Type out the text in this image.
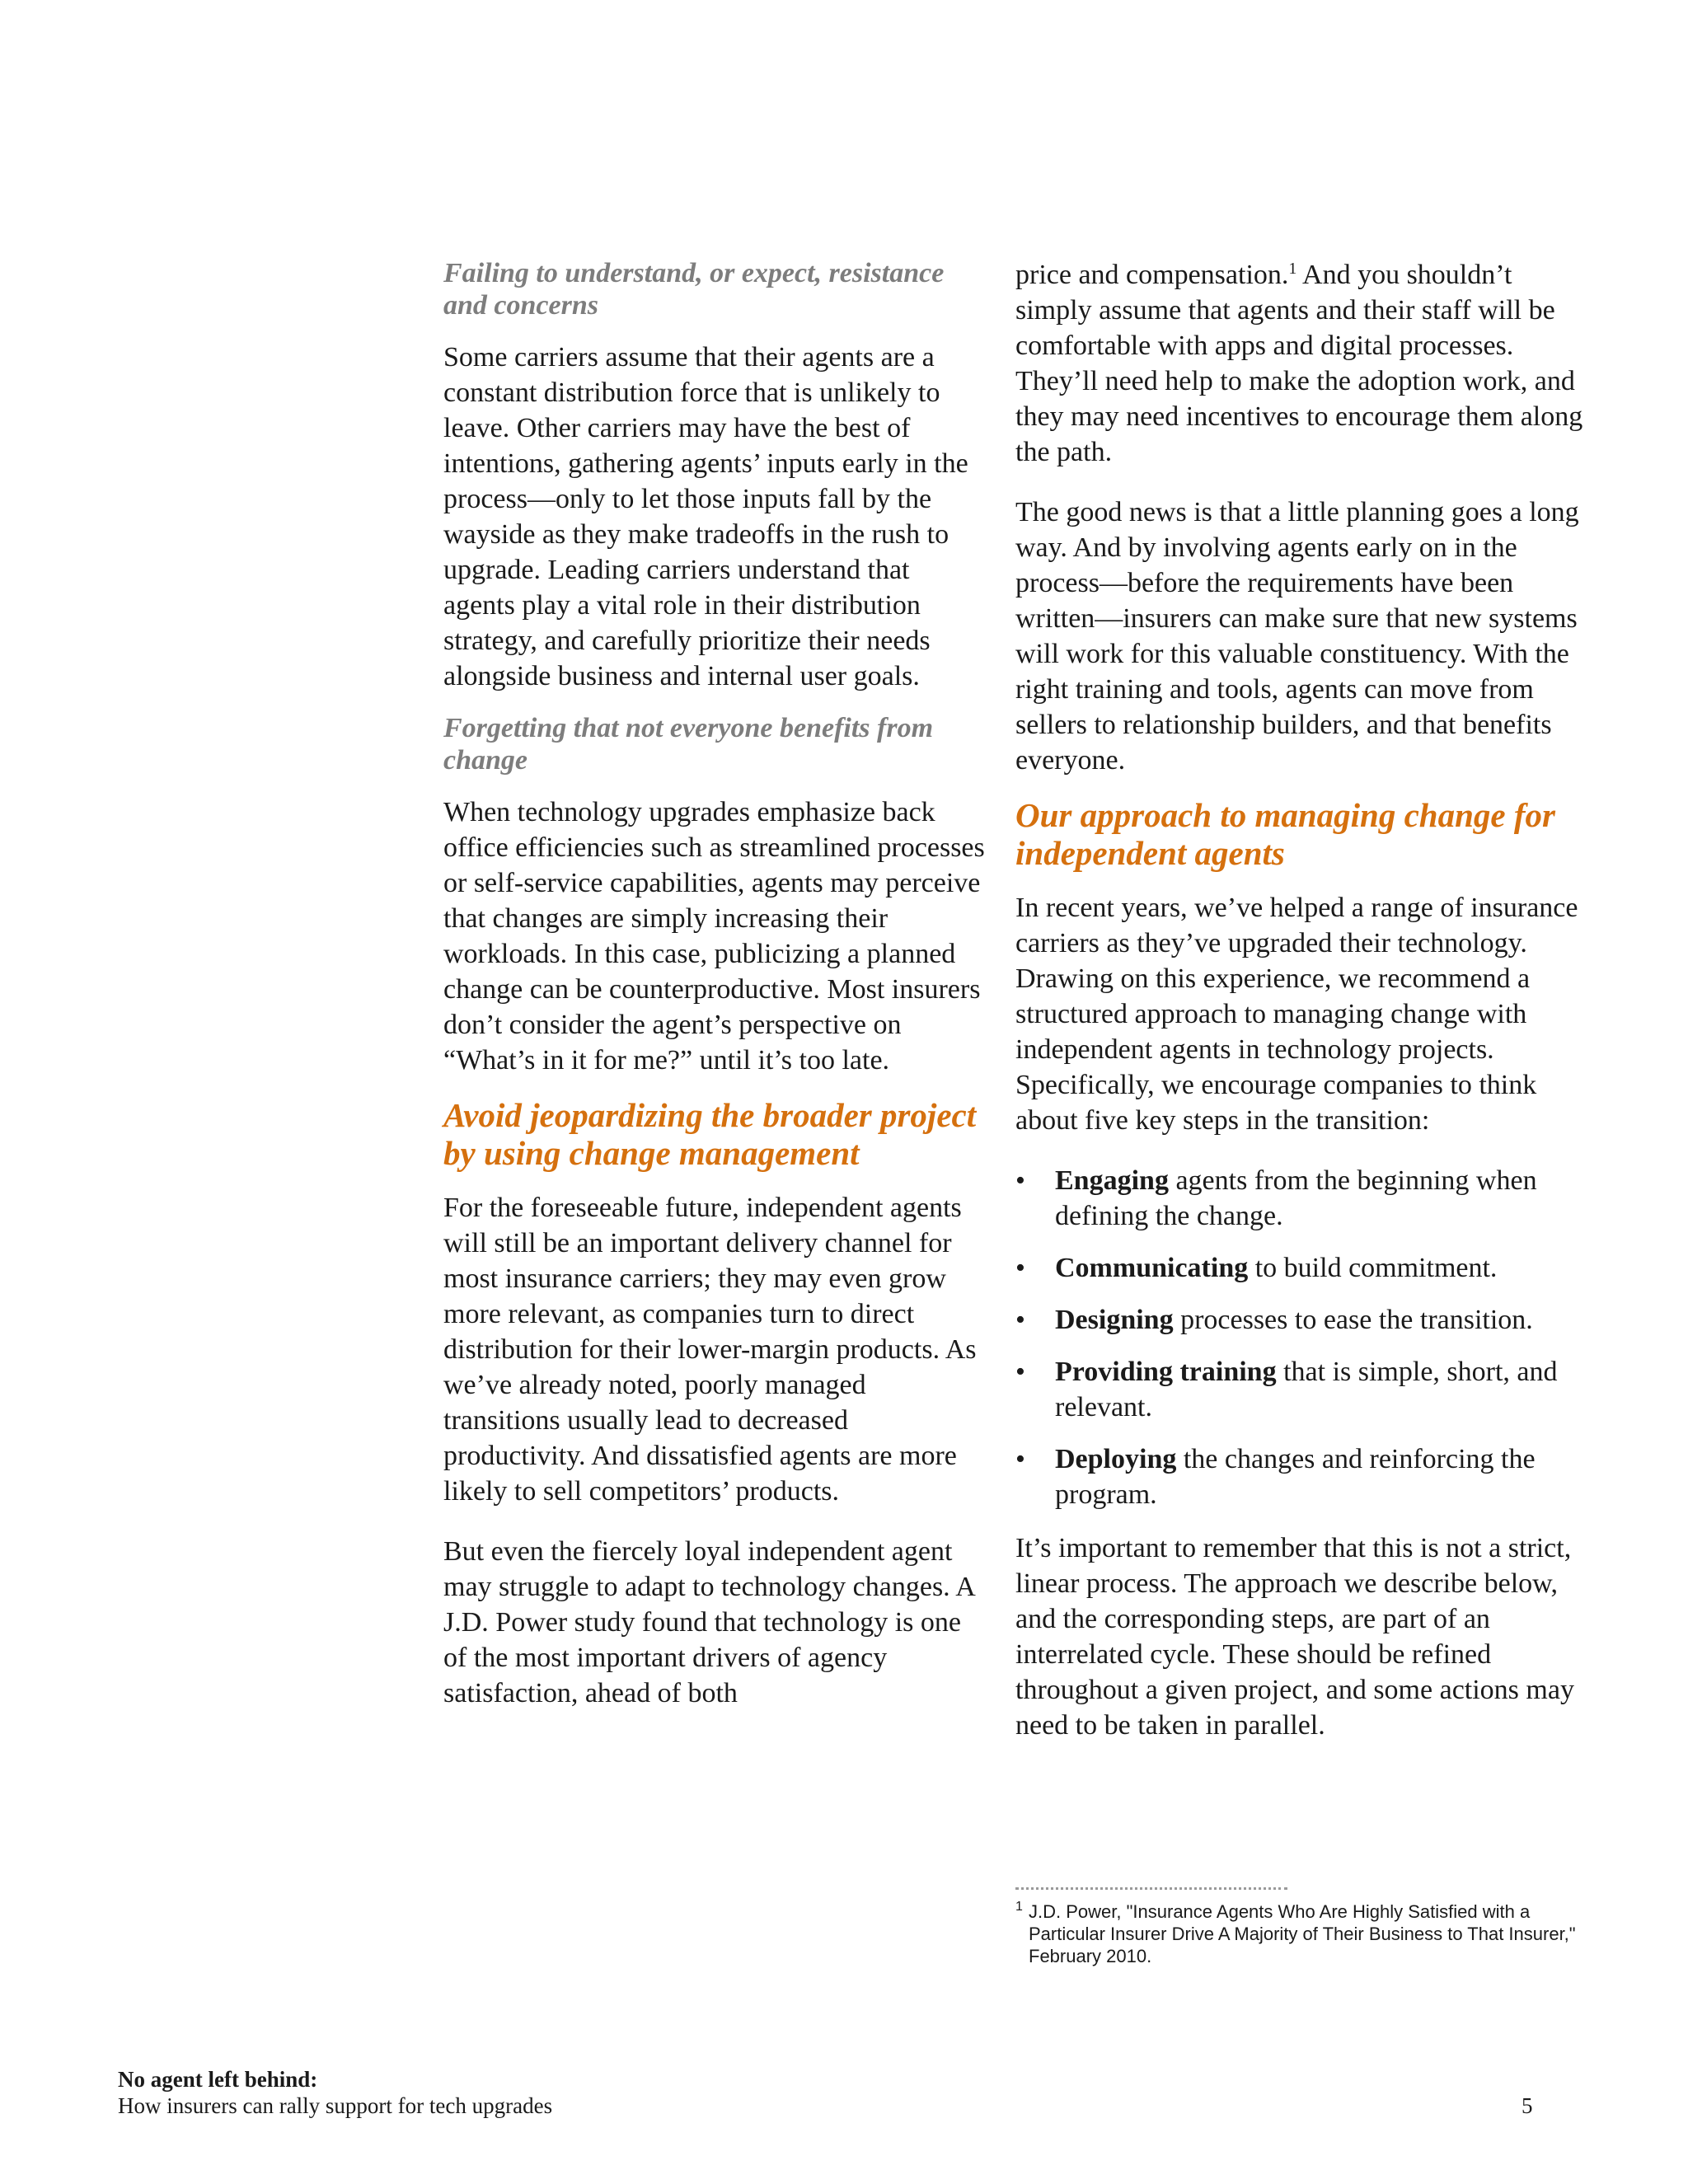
Failing to understand, or expect, resistance and concerns

Some carriers assume that their agents are a constant distribution force that is unlikely to leave. Other carriers may have the best of intentions, gathering agents’ inputs early in the process—only to let those inputs fall by the wayside as they make tradeoffs in the rush to upgrade. Leading carriers understand that agents play a vital role in their distribution strategy, and carefully prioritize their needs alongside business and internal user goals.

Forgetting that not everyone benefits from change

When technology upgrades emphasize back office efficiencies such as streamlined processes or self-service capabilities, agents may perceive that changes are simply increasing their workloads. In this case, publicizing a planned change can be counterproductive. Most insurers don’t consider the agent’s perspective on “What’s in it for me?” until it’s too late.

Avoid jeopardizing the broader project by using change management

For the foreseeable future, independent agents will still be an important delivery channel for most insurance carriers; they may even grow more relevant, as companies turn to direct distribution for their lower-margin products. As we’ve already noted, poorly managed transitions usually lead to decreased productivity. And dissatisfied agents are more likely to sell competitors’ products.

But even the fiercely loyal independent agent may struggle to adapt to technology changes. A J.D. Power study found that technology is one of the most important drivers of agency satisfaction, ahead of both

price and compensation.$^1$ And you shouldn’t simply assume that agents and their staff will be comfortable with apps and digital processes. They’ll need help to make the adoption work, and they may need incentives to encourage them along the path.

The good news is that a little planning goes a long way. And by involving agents early on in the process—before the requirements have been written—insurers can make sure that new systems will work for this valuable constituency. With the right training and tools, agents can move from sellers to relationship builders, and that benefits everyone.

Our approach to managing change for independent agents

In recent years, we’ve helped a range of insurance carriers as they’ve upgraded their technology. Drawing on this experience, we recommend a structured approach to managing change with independent agents in technology projects. Specifically, we encourage companies to think about five key steps in the transition:

• Engaging agents from the beginning when defining the change.
• Communicating to build commitment.
• Designing processes to ease the transition.
• Providing training that is simple, short, and relevant.
• Deploying the changes and reinforcing the program.

It’s important to remember that this is not a strict, linear process. The approach we describe below, and the corresponding steps, are part of an interrelated cycle. These should be refined throughout a given project, and some actions may need to be taken in parallel.

1 J.D. Power, "Insurance Agents Who Are Highly Satisfied with a Particular Insurer Drive A Majority of Their Business to That Insurer," February 2010.
No agent left behind:
How insurers can rally support for tech upgrades	5
